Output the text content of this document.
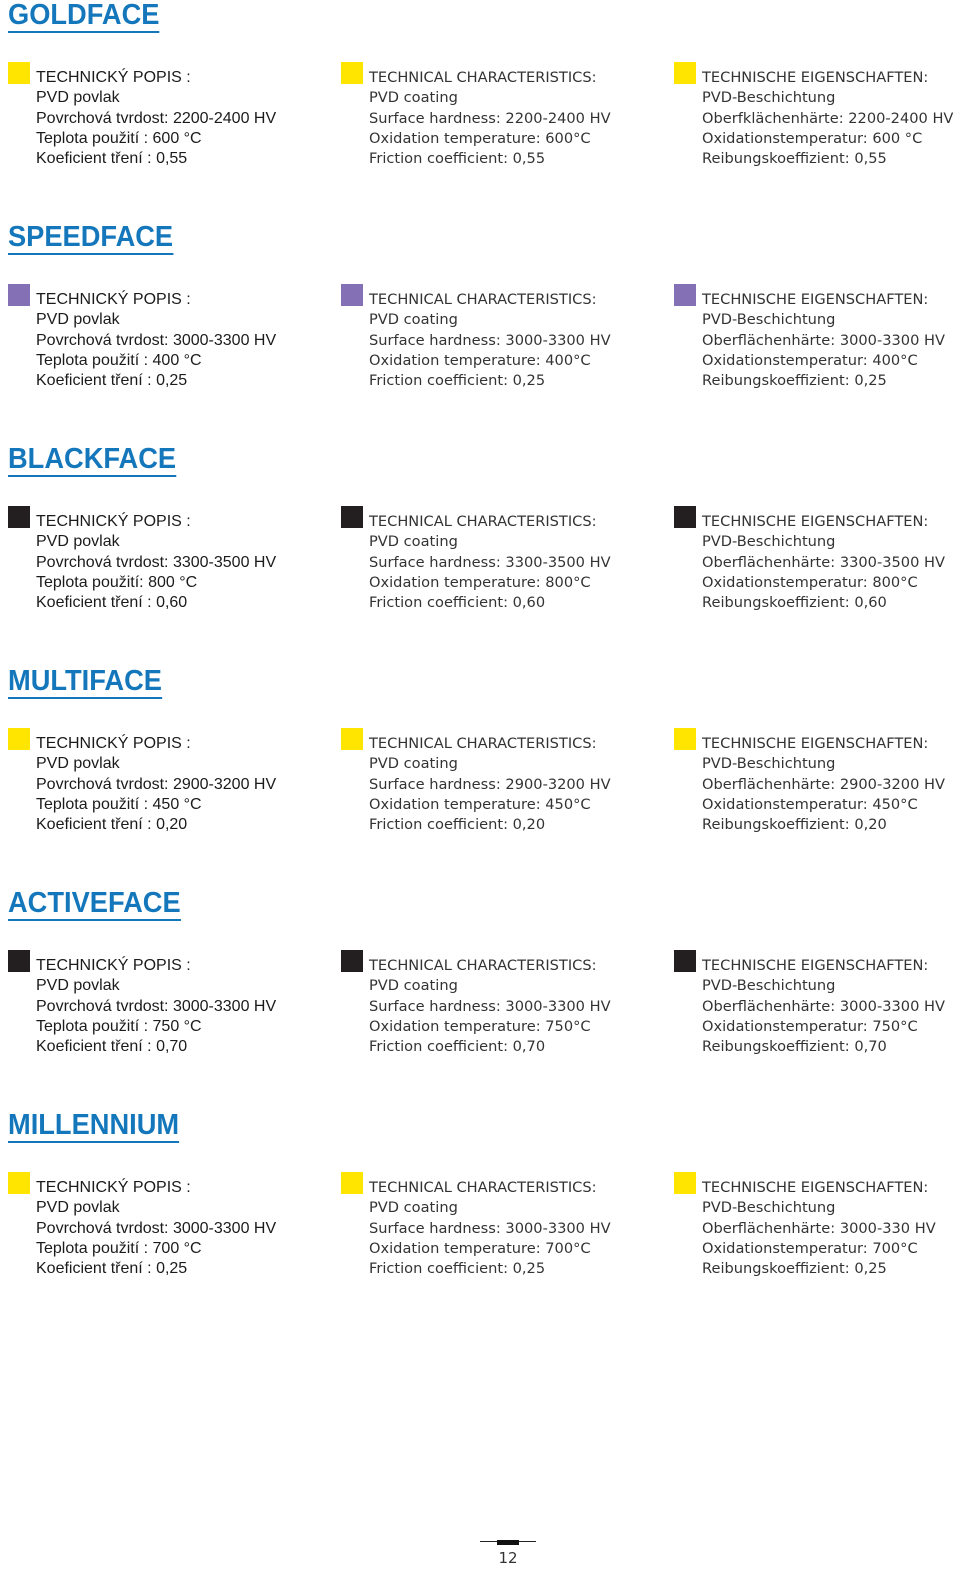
GOLDFACE
TECHNICKÝ POPIS :
PVD povlak
Povrchová tvrdost: 2200-2400 HV
Teplota použití : 600 °C
Koeficient tření : 0,55
TECHNICAL CHARACTERISTICS:
PVD coating
Surface hardness: 2200-2400 HV
Oxidation temperature: 600°C
Friction coefficient: 0,55
TECHNISCHE EIGENSCHAFTEN:
PVD-Beschichtung
Oberfklächenhärte: 2200-2400 HV
Oxidationstemperatur: 600 °C
Reibungskoeffizient: 0,55
SPEEDFACE
TECHNICKÝ POPIS :
PVD povlak
Povrchová tvrdost: 3000-3300 HV
Teplota použití : 400 °C
Koeficient tření : 0,25
TECHNICAL CHARACTERISTICS:
PVD coating
Surface hardness: 3000-3300 HV
Oxidation temperature: 400°C
Friction coefficient: 0,25
TECHNISCHE EIGENSCHAFTEN:
PVD-Beschichtung
Oberflächenhärte: 3000-3300 HV
Oxidationstemperatur: 400°C
Reibungskoeffizient: 0,25
BLACKFACE
TECHNICKÝ POPIS :
PVD povlak
Povrchová tvrdost: 3300-3500 HV
Teplota použití: 800 °C
Koeficient tření : 0,60
TECHNICAL CHARACTERISTICS:
PVD coating
Surface hardness: 3300-3500 HV
Oxidation temperature: 800°C
Friction coefficient: 0,60
TECHNISCHE EIGENSCHAFTEN:
PVD-Beschichtung
Oberflächenhärte: 3300-3500 HV
Oxidationstemperatur: 800°C
Reibungskoeffizient: 0,60
MULTIFACE
TECHNICKÝ POPIS :
PVD povlak
Povrchová tvrdost: 2900-3200 HV
Teplota použití : 450 °C
Koeficient tření : 0,20
TECHNICAL CHARACTERISTICS:
PVD coating
Surface hardness: 2900-3200 HV
Oxidation temperature: 450°C
Friction coefficient: 0,20
TECHNISCHE EIGENSCHAFTEN:
PVD-Beschichtung
Oberflächenhärte: 2900-3200 HV
Oxidationstemperatur: 450°C
Reibungskoeffizient: 0,20
ACTIVEFACE
TECHNICKÝ POPIS :
PVD povlak
Povrchová tvrdost: 3000-3300 HV
Teplota použití : 750 °C
Koeficient tření : 0,70
TECHNICAL CHARACTERISTICS:
PVD coating
Surface hardness: 3000-3300 HV
Oxidation temperature: 750°C
Friction coefficient: 0,70
TECHNISCHE EIGENSCHAFTEN:
PVD-Beschichtung
Oberflächenhärte: 3000-3300 HV
Oxidationstemperatur: 750°C
Reibungskoeffizient: 0,70
MILLENNIUM
TECHNICKÝ POPIS :
PVD povlak
Povrchová tvrdost: 3000-3300 HV
Teplota použití : 700 °C
Koeficient tření : 0,25
TECHNICAL CHARACTERISTICS:
PVD coating
Surface hardness: 3000-3300 HV
Oxidation temperature: 700°C
Friction coefficient: 0,25
TECHNISCHE EIGENSCHAFTEN:
PVD-Beschichtung
Oberflächenhärte: 3000-330 HV
Oxidationstemperatur: 700°C
Reibungskoeffizient: 0,25
12
